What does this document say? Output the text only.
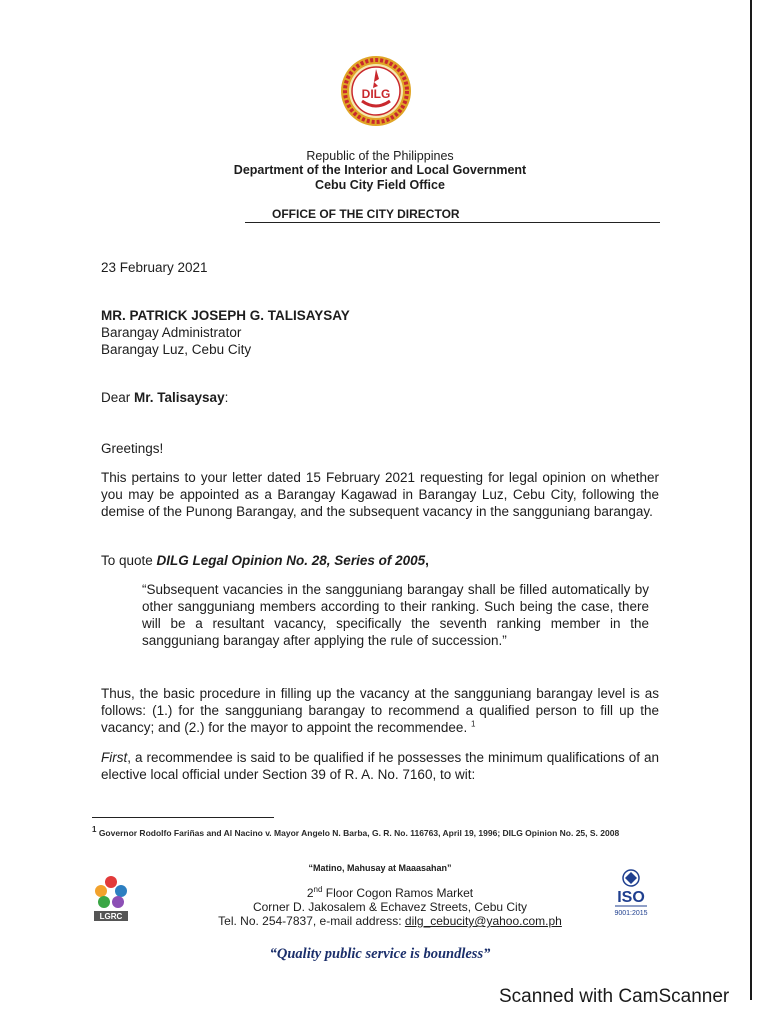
DILG
Republic of the Philippines
Department of the Interior and Local Government
Cebu City Field Office
OFFICE OF THE CITY DIRECTOR
23 February 2021
MR. PATRICK JOSEPH G. TALISAYSAY
Barangay Administrator
Barangay Luz, Cebu City
Dear Mr. Talisaysay:
Greetings!
This pertains to your letter dated 15 February 2021 requesting for legal opinion on whether you may be appointed as a Barangay Kagawad in Barangay Luz, Cebu City, following the demise of the Punong Barangay, and the subsequent vacancy in the sangguniang barangay.
To quote DILG Legal Opinion No. 28, Series of 2005,
“Subsequent vacancies in the sangguniang barangay shall be filled automatically by other sangguniang members according to their ranking. Such being the case, there will be a resultant vacancy, specifically the seventh ranking member in the sangguniang barangay after applying the rule of succession.”
Thus, the basic procedure in filling up the vacancy at the sangguniang barangay level is as follows: (1.) for the sangguniang barangay to recommend a qualified person to fill up the vacancy; and (2.) for the mayor to appoint the recommendee. $^1$
First, a recommendee is said to be qualified if he possesses the minimum qualifications of an elective local official under Section 39 of R. A. No. 7160, to wit:
$^1$ Governor Rodolfo Fariñas and Al Nacino v. Mayor Angelo N. Barba, G. R. No. 116763, April 19, 1996; DILG Opinion No. 25, S. 2008
“Matino, Mahusay at Maaasahan”
LGRC
2nd Floor Cogon Ramos Market
Corner D. Jakosalem & Echavez Streets, Cebu City
Tel. No. 254-7837, e-mail address: dilg_cebucity@yahoo.com.ph
ISO
9001:2015
“Quality public service is boundless”
Scanned with CamScanner
